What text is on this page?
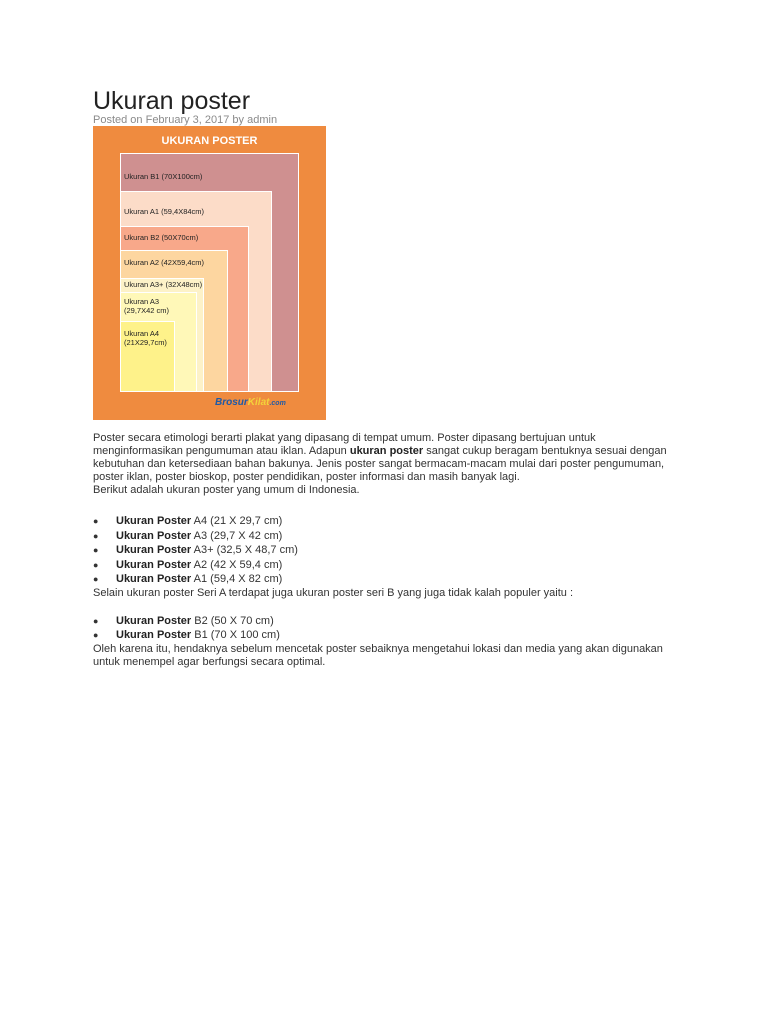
Ukuran poster
Posted on February 3, 2017 by admin
UKURAN POSTER
Ukuran B1 (70X100cm)
Ukuran A1 (59,4X84cm)
Ukuran B2 (50X70cm)
Ukuran A2 (42X59,4cm)
Ukuran A3+ (32X48cm)
Ukuran A3
(29,7X42 cm)
Ukuran A4
(21X29,7cm)
BrosurKilat.com

Poster secara etimologi berarti plakat yang dipasang di tempat umum. Poster dipasang bertujuan untuk menginformasikan pengumuman atau iklan. Adapun ukuran poster sangat cukup beragam bentuknya sesuai dengan kebutuhan dan ketersediaan bahan bakunya. Jenis poster sangat bermacam-macam mulai dari poster pengumuman, poster iklan, poster bioskop, poster pendidikan, poster informasi dan masih banyak lagi.
Berikut adalah ukuran poster yang umum di Indonesia.

● Ukuran Poster A4 (21 X 29,7 cm)
● Ukuran Poster A3 (29,7 X 42 cm)
● Ukuran Poster A3+ (32,5 X 48,7 cm)
● Ukuran Poster A2 (42 X 59,4 cm)
● Ukuran Poster A1 (59,4 X 82 cm)

Selain ukuran poster Seri A terdapat juga ukuran poster seri B yang juga tidak kalah populer yaitu :

● Ukuran Poster B2 (50 X 70 cm)
● Ukuran Poster B1 (70 X 100 cm)

Oleh karena itu, hendaknya sebelum mencetak poster sebaiknya mengetahui lokasi dan media yang akan digunakan untuk menempel agar berfungsi secara optimal.
